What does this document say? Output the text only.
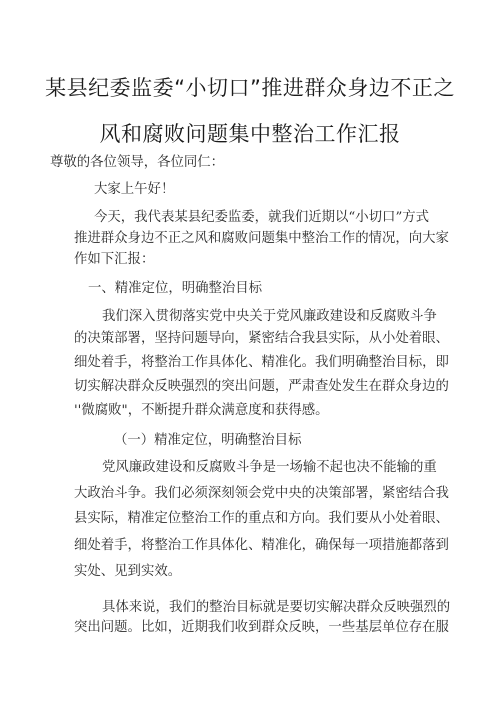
某县纪委监委“小切口”推进群众身边不正之
风和腐败问题集中整治工作汇报
尊敬的各位领导，各位同仁：
大家上午好！
今天，我代表某县纪委监委，就我们近期以“小切口”方式
推进群众身边不正之风和腐败问题集中整治工作的情况，向大家
作如下汇报：
一、精准定位，明确整治目标
我们深入贯彻落实党中央关于党风廉政建设和反腐败斗争
的决策部署，坚持问题导向，紧密结合我县实际，从小处着眼、
细处着手，将整治工作具体化、精准化。我们明确整治目标，即
切实解决群众反映强烈的突出问题，严肃查处发生在群众身边的
''微腐败"，不断提升群众满意度和获得感。
（一）精准定位，明确整治目标
党风廉政建设和反腐败斗争是一场输不起也决不能输的重
大政治斗争。我们必须深刻领会党中央的决策部署，紧密结合我
县实际，精准定位整治工作的重点和方向。我们要从小处着眼、
细处着手，将整治工作具体化、精准化，确保每一项措施都落到
实处、见到实效。
具体来说，我们的整治目标就是要切实解决群众反映强烈的
突出问题。比如，近期我们收到群众反映，一些基层单位存在服
